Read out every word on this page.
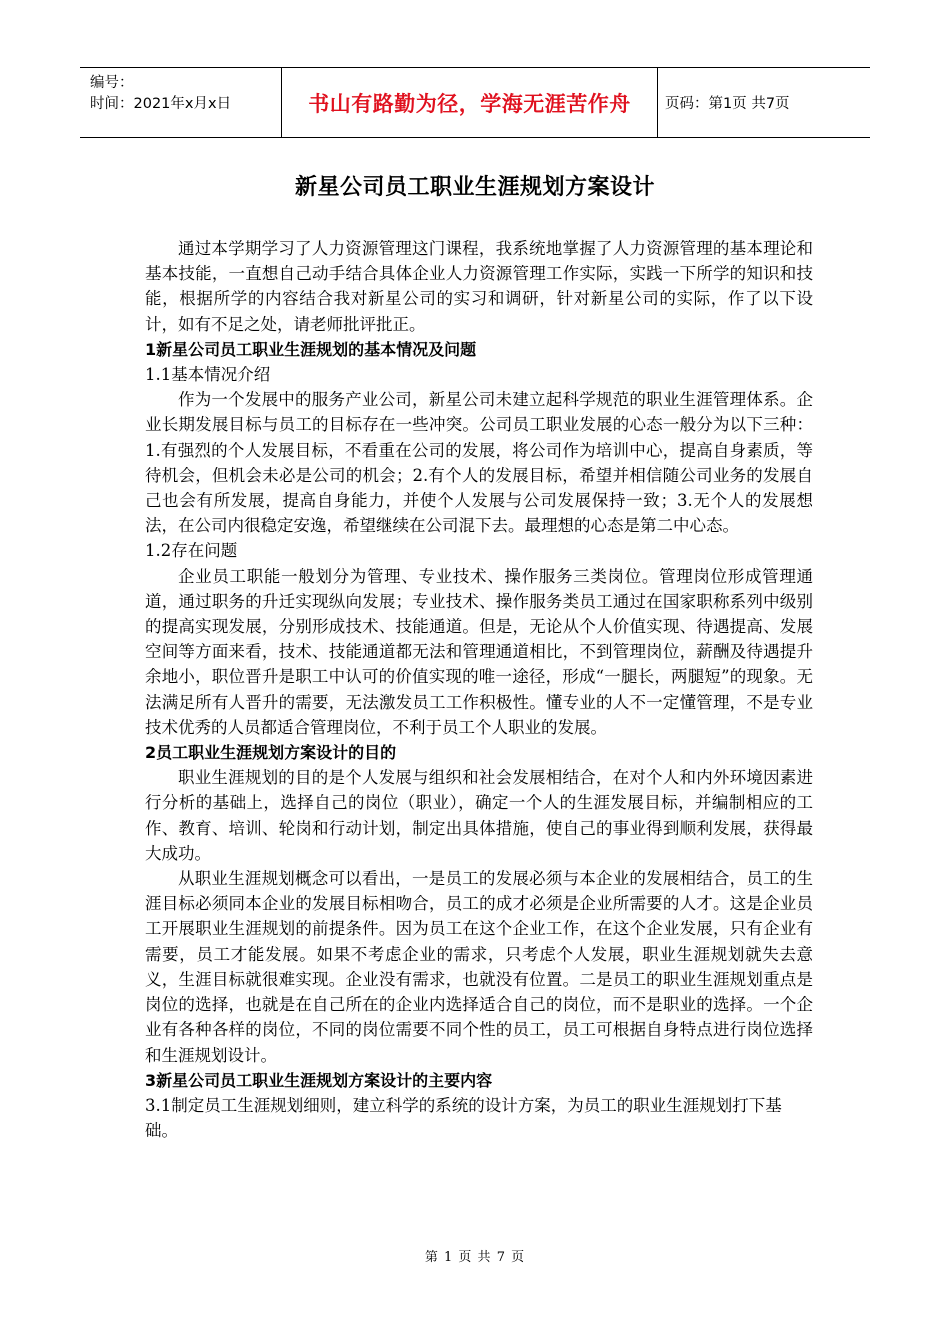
编号：
时间：2021年x月x日	书山有路勤为径，学海无涯苦作舟	页码：第1页 共7页
新星公司员工职业生涯规划方案设计

通过本学期学习了人力资源管理这门课程，我系统地掌握了人力资源管理的基本理论和基本技能，一直想自己动手结合具体企业人力资源管理工作实际，实践一下所学的知识和技能，根据所学的内容结合我对新星公司的实习和调研，针对新星公司的实际，作了以下设计，如有不足之处，请老师批评批正。

1新星公司员工职业生涯规划的基本情况及问题

1.1基本情况介绍

作为一个发展中的服务产业公司，新星公司未建立起科学规范的职业生涯管理体系。企业长期发展目标与员工的目标存在一些冲突。公司员工职业发展的心态一般分为以下三种：1.有强烈的个人发展目标，不看重在公司的发展，将公司作为培训中心，提高自身素质，等待机会，但机会未必是公司的机会；2.有个人的发展目标，希望并相信随公司业务的发展自己也会有所发展，提高自身能力，并使个人发展与公司发展保持一致；3.无个人的发展想法，在公司内很稳定安逸，希望继续在公司混下去。最理想的心态是第二中心态。

1.2存在问题

企业员工职能一般划分为管理、专业技术、操作服务三类岗位。管理岗位形成管理通道，通过职务的升迁实现纵向发展；专业技术、操作服务类员工通过在国家职称系列中级别的提高实现发展，分别形成技术、技能通道。但是，无论从个人价值实现、待遇提高、发展空间等方面来看，技术、技能通道都无法和管理通道相比，不到管理岗位，薪酬及待遇提升余地小，职位晋升是职工中认可的价值实现的唯一途径，形成“一腿长，两腿短”的现象。无法满足所有人晋升的需要，无法激发员工工作积极性。懂专业的人不一定懂管理，不是专业技术优秀的人员都适合管理岗位，不利于员工个人职业的发展。

2员工职业生涯规划方案设计的目的

职业生涯规划的目的是个人发展与组织和社会发展相结合，在对个人和内外环境因素进行分析的基础上，选择自己的岗位（职业），确定一个人的生涯发展目标，并编制相应的工作、教育、培训、轮岗和行动计划，制定出具体措施，使自己的事业得到顺利发展，获得最大成功。

从职业生涯规划概念可以看出，一是员工的发展必须与本企业的发展相结合，员工的生涯目标必须同本企业的发展目标相吻合，员工的成才必须是企业所需要的人才。这是企业员工开展职业生涯规划的前提条件。因为员工在这个企业工作，在这个企业发展，只有企业有需要，员工才能发展。如果不考虑企业的需求，只考虑个人发展，职业生涯规划就失去意义，生涯目标就很难实现。企业没有需求，也就没有位置。二是员工的职业生涯规划重点是岗位的选择，也就是在自己所在的企业内选择适合自己的岗位，而不是职业的选择。一个企业有各种各样的岗位，不同的岗位需要不同个性的员工，员工可根据自身特点进行岗位选择和生涯规划设计。

3新星公司员工职业生涯规划方案设计的主要内容

3.1制定员工生涯规划细则，建立科学的系统的设计方案，为员工的职业生涯规划打下基础。

第 1 页 共 7 页
